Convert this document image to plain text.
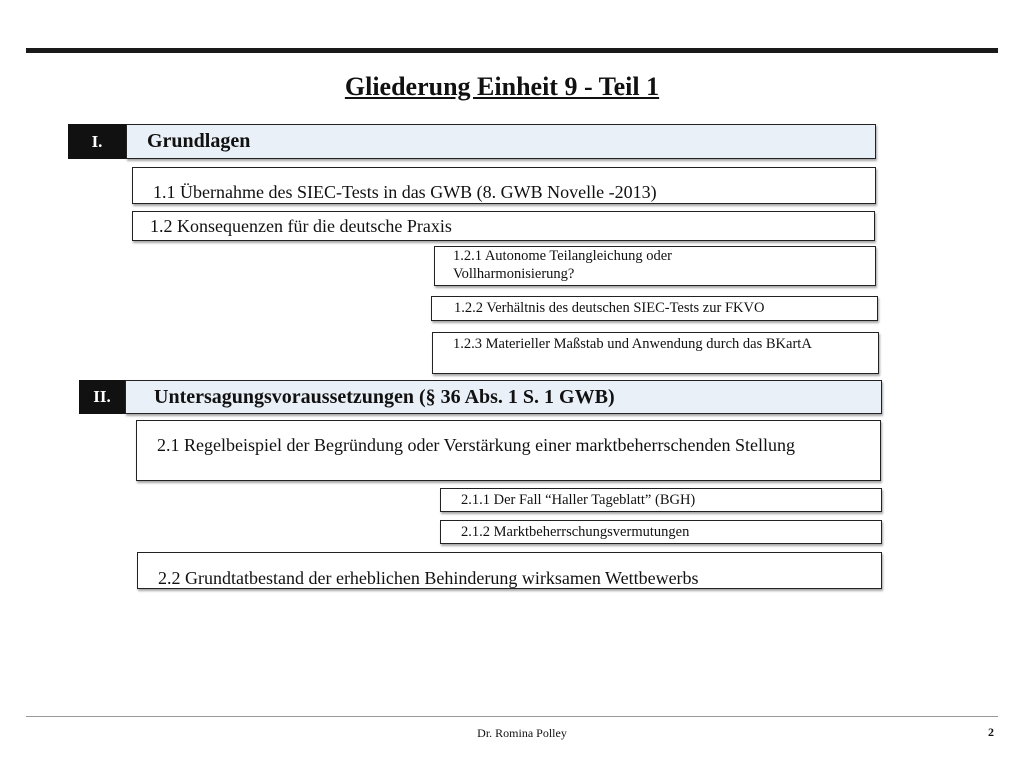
Gliederung Einheit 9 - Teil 1
Grundlagen
I.
1.1 Übernahme des SIEC-Tests in das GWB (8. GWB Novelle -2013)
1.2 Konsequenzen für die deutsche Praxis
1.2.1 Autonome Teilangleichung oder Vollharmonisierung?
1.2.2 Verhältnis des deutschen SIEC-Tests zur FKVO
1.2.3 Materieller Maßstab und Anwendung durch das BKartA
Untersagungsvoraussetzungen (§ 36 Abs. 1 S. 1 GWB)
II.
2.1 Regelbeispiel der Begründung oder Verstärkung einer marktbeherrschenden Stellung
2.1.1 Der Fall “Haller Tageblatt” (BGH)
2.1.2 Marktbeherrschungsvermutungen
2.2 Grundtatbestand der erheblichen Behinderung wirksamen Wettbewerbs
Dr. Romina Polley	2
